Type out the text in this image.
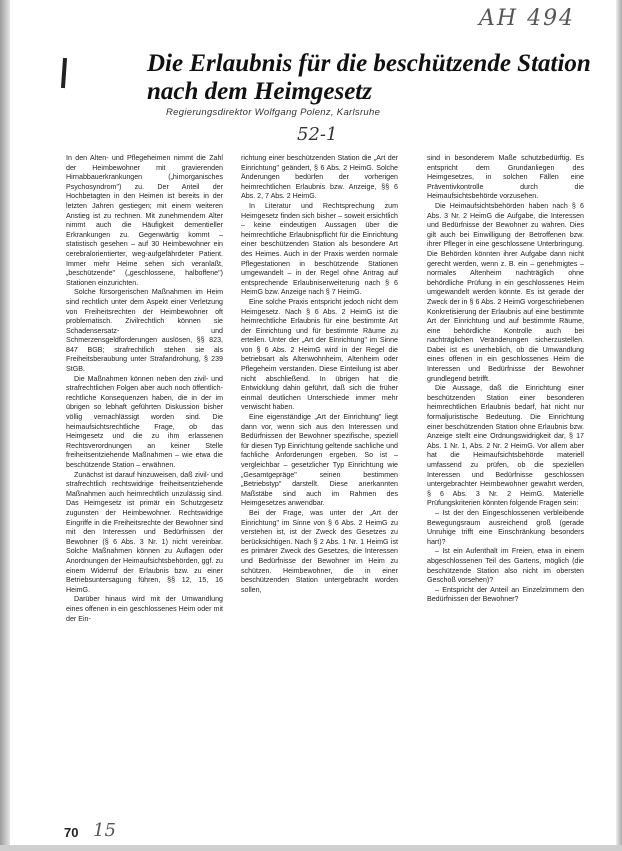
AH 494
Die Erlaubnis für die beschützende Station nach dem Heimgesetz
Regierungsdirektor Wolfgang Polenz, Karlsruhe
52-1

In den Alten- und Pflegeheimen nimmt die Zahl der Heimbewohner mit gravierenden Hirnabbauerkrankungen („hirnorganisches Psychosyndrom") zu. Der Anteil der Hochbetagten in den Heimen ist bereits in der letzten Jahren gestiegen; mit einem weiteren Anstieg ist zu rechnen. Mit zunehmendem Alter nimmt auch die Häufigkeit dementieller Erkrankungen zu. Gegenwärtig kommt – statistisch gesehen – auf 30 Heimbewohner ein cerebralorientierter, weg-aufgefährdeter Patient. Immer mehr Heime sehen sich veranlaßt, „beschützende" („geschlossene, halboffene") Stationen einzurichten.

Solche fürsorgerischen Maßnahmen im Heim sind rechtlich unter dem Aspekt einer Verletzung von Freiheitsrechten der Heimbewohner oft problematisch. Zivilrechtlich können sie Schadensersatz- und Schmerzensgeldforderungen auslösen, §§ 823, 847 BGB; strafrechtlich stehen sie als Freiheitsberaubung unter Strafandrohung, § 239 StGB.

Die Maßnahmen können neben den zivil- und strafrechtlichen Folgen aber auch noch öffentlich-rechtliche Konsequenzen haben, die in der im übrigen so lebhaft geführten Diskussion bisher völlig vernachlässigt worden sind. Die heimaufsichtsrechtliche Frage, ob das Heimgesetz und die zu ihm erlassenen Rechtsverordnungen an keiner Stelle freiheitsentziehende Maßnahmen – wie etwa die beschützende Station – erwähnen.

Zunächst ist darauf hinzuweisen, daß zivil- und strafrechtlich rechtswidrige freiheitsentziehende Maßnahmen auch heimrechtlich unzulässig sind. Das Heimgesetz ist primär ein Schutzgesetz zugunsten der Heimbewohner. Rechtswidrige Eingriffe in die Freiheitsrechte der Bewohner sind mit den Interessen und Bedürfnissen der Bewohner (§ 6 Abs. 3 Nr. 1) nicht vereinbar. Solche Maßnahmen können zu Auflagen oder Anordnungen der Heimaufsichtsbehörden, ggf. zu einem Widerruf der Erlaubnis bzw. zu einer Betriebsuntersagung führen, §§ 12, 15, 16 HeimG.

Darüber hinaus wird mit der Umwandlung eines offenen in ein geschlossenes Heim oder mit der Ein-

richtung einer beschützenden Station die „Art der Einrichtung" geändert, § 6 Abs. 2 HeimG. Solche Änderungen bedürfen der vorherigen heimrechtlichen Erlaubnis bzw. Anzeige, §§ 6 Abs. 2, 7 Abs. 2 HeimG.

In Literatur und Rechtsprechung zum Heimgesetz finden sich bisher – soweit ersichtlich – keine eindeutigen Aussagen über die heimrechtliche Erlaubnispflicht für die Einrichtung einer beschützenden Station als besondere Art des Heimes. Auch in der Praxis werden normale Pflegestationen in beschützende Stationen umgewandelt – in der Regel ohne Antrag auf entsprechende Erlaubniserweiterung nach § 6 HeimG bzw. Anzeige nach § 7 HeimG.

Eine solche Praxis entspricht jedoch nicht dem Heimgesetz. Nach § 6 Abs. 2 HeimG ist die heimrechtliche Erlaubnis für eine bestimmte Art der Einrichtung und für bestimmte Räume zu erteilen. Unter der „Art der Einrichtung" im Sinne von § 6 Abs. 2 HeimG wird in der Regel die betriebsart als Altenwohnheim, Altenheim oder Pflegeheim verstanden. Diese Einteilung ist aber nicht abschließend. In übrigen hat die Entwicklung dahin geführt, daß sich die früher einmal deutlichen Unterschiede immer mehr verwischt haben.

Eine eigenständige „Art der Einrichtung" liegt dann vor, wenn sich aus den Interessen und Bedürfnissen der Bewohner spezifische, speziell für diesen Typ Einrichtung geltende sachliche und fachliche Anforderungen ergeben. So ist – vergleichbar – gesetzlicher Typ Einrichtung wie „Gesamtgepräge" seinen bestimmen „Betriebstyp" darstellt. Diese anerkannten Maßstäbe sind auch im Rahmen des Heimgesetzes anwendbar.

Bei der Frage, was unter der „Art der Einrichtung" im Sinne von § 6 Abs. 2 HeimG zu verstehen ist, ist der Zweck des Gesetzes zu berücksichtigen. Nach § 2 Abs. 1 Nr. 1 HeimG ist es primärer Zweck des Gesetzes, die Interessen und Bedürfnisse der Bewohner im Heim zu schützen. Heimbewohner, die in einer beschützenden Station untergebracht worden sollen,

sind in besonderem Maße schutzbedürftig. Es entspricht dem Grundanliegen des Heimgesetzes, in solchen Fällen eine Präventivkontrolle durch die Heimaufsichtsbehörde vorzusehen.

Die Heimaufsichtsbehörden haben nach § 6 Abs. 3 Nr. 2 HeimG die Aufgabe, die Interessen und Bedürfnisse der Bewohner zu wahren. Dies gilt auch bei Einwilligung der Betroffenen bzw. ihrer Pfleger in eine geschlossene Unterbringung. Die Behörden könnten ihrer Aufgabe dann nicht gerecht werden, wenn z. B. ein – genehmigtes – normales Altenheim nachträglich ohne behördliche Prüfung in ein geschlossenes Heim umgewandelt werden könnte. Es ist gerade der Zweck der in § 6 Abs. 2 HeimG vorgeschriebenen Konkretisierung der Erlaubnis auf eine bestimmte Art der Einrichtung und auf bestimmte Räume, eine behördliche Kontrolle auch bei nachträglichen Veränderungen sicherzustellen. Dabei ist es unerheblich, ob die Umwandlung eines offenen in ein geschlossenes Heim die Interessen und Bedürfnisse der Bewohner grundlegend betrifft.

Die Aussage, daß die Einrichtung einer beschützenden Station einer besonderen heimrechtlichen Erlaubnis bedarf, hat nicht nur formaljuristische Bedeutung. Die Einrichtung einer beschützenden Station ohne Erlaubnis bzw. Anzeige stellt eine Ordnungswidrigkeit dar, § 17 Abs. 1 Nr. 1, Abs. 2 Nr. 2 HeimG. Vor allem aber hat die Heimaufsichtsbehörde materiell umfassend zu prüfen, ob die speziellen Interessen und Bedürfnisse geschlossen untergebrachter Heimbewohner gewahrt werden, § 6 Abs. 3 Nr. 2 HeimG. Materielle Prüfungskriterien könnten folgende Fragen sein:

– Ist der den Eingeschlossenen verbleibende Bewegungsraum ausreichend groß (gerade Unruhige trifft eine Einschränkung besonders hart)?

– Ist ein Aufenthalt im Freien, etwa in einem abgeschlossenen Teil des Gartens, möglich (die beschützende Station also nicht im obersten Geschoß vorsehen)?

– Entspricht der Anteil an Einzelzimmern den Bedürfnissen der Bewohner?

70 15
